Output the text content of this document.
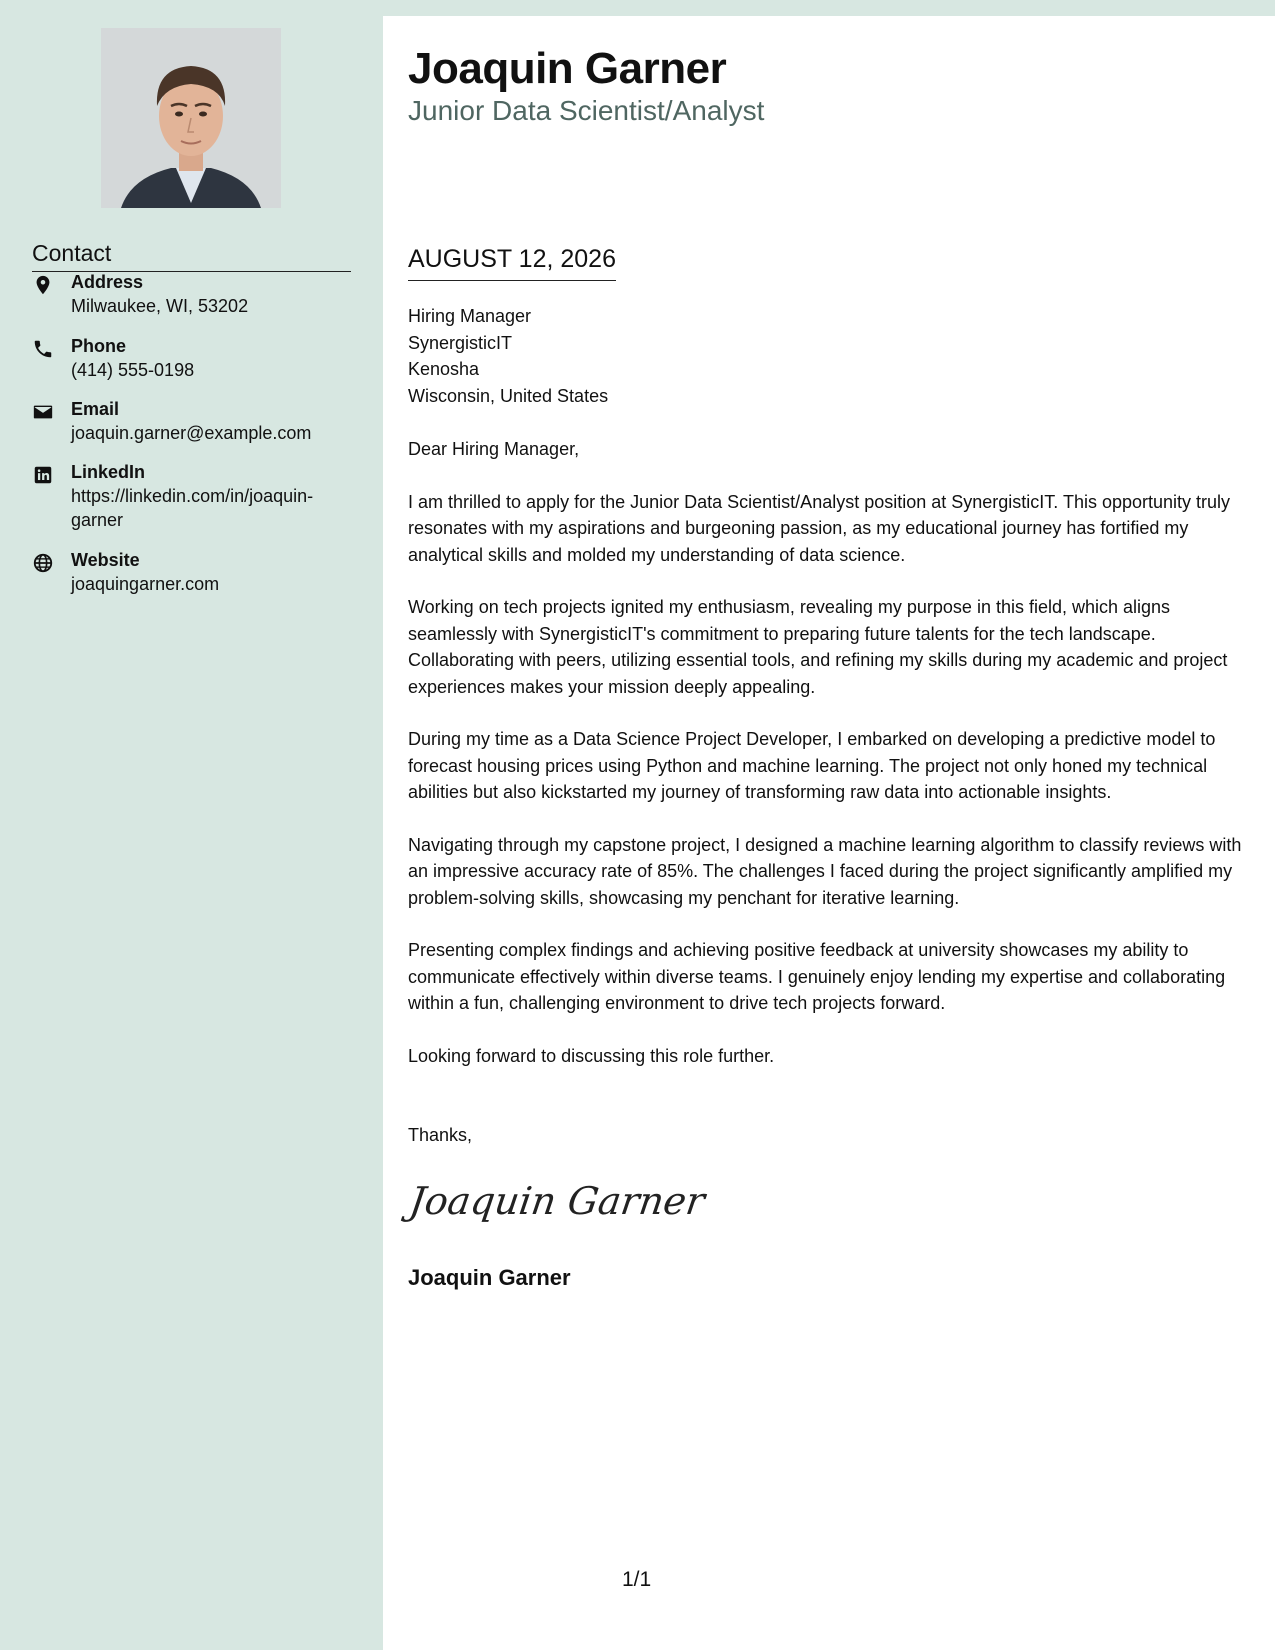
Contact
Address
Milwaukee, WI, 53202
Phone
(414) 555-0198
Email
joaquin.garner@example.com
LinkedIn
https://linkedin.com/in/joaquin-garner
Website
joaquingarner.com
Joaquin Garner
Junior Data Scientist/Analyst
AUGUST 12, 2026
Hiring Manager
SynergisticIT
Kenosha
Wisconsin, United States

Dear Hiring Manager,

I am thrilled to apply for the Junior Data Scientist/Analyst position at SynergisticIT. This opportunity truly resonates with my aspirations and burgeoning passion, as my educational journey has fortified my analytical skills and molded my understanding of data science.

Working on tech projects ignited my enthusiasm, revealing my purpose in this field, which aligns seamlessly with SynergisticIT's commitment to preparing future talents for the tech landscape. Collaborating with peers, utilizing essential tools, and refining my skills during my academic and project experiences makes your mission deeply appealing.

During my time as a Data Science Project Developer, I embarked on developing a predictive model to forecast housing prices using Python and machine learning. The project not only honed my technical abilities but also kickstarted my journey of transforming raw data into actionable insights.

Navigating through my capstone project, I designed a machine learning algorithm to classify reviews with an impressive accuracy rate of 85%. The challenges I faced during the project significantly amplified my problem-solving skills, showcasing my penchant for iterative learning.

Presenting complex findings and achieving positive feedback at university showcases my ability to communicate effectively within diverse teams. I genuinely enjoy lending my expertise and collaborating within a fun, challenging environment to drive tech projects forward.

Looking forward to discussing this role further.

Thanks,
Joaquin Garner
Joaquin Garner
1/1
